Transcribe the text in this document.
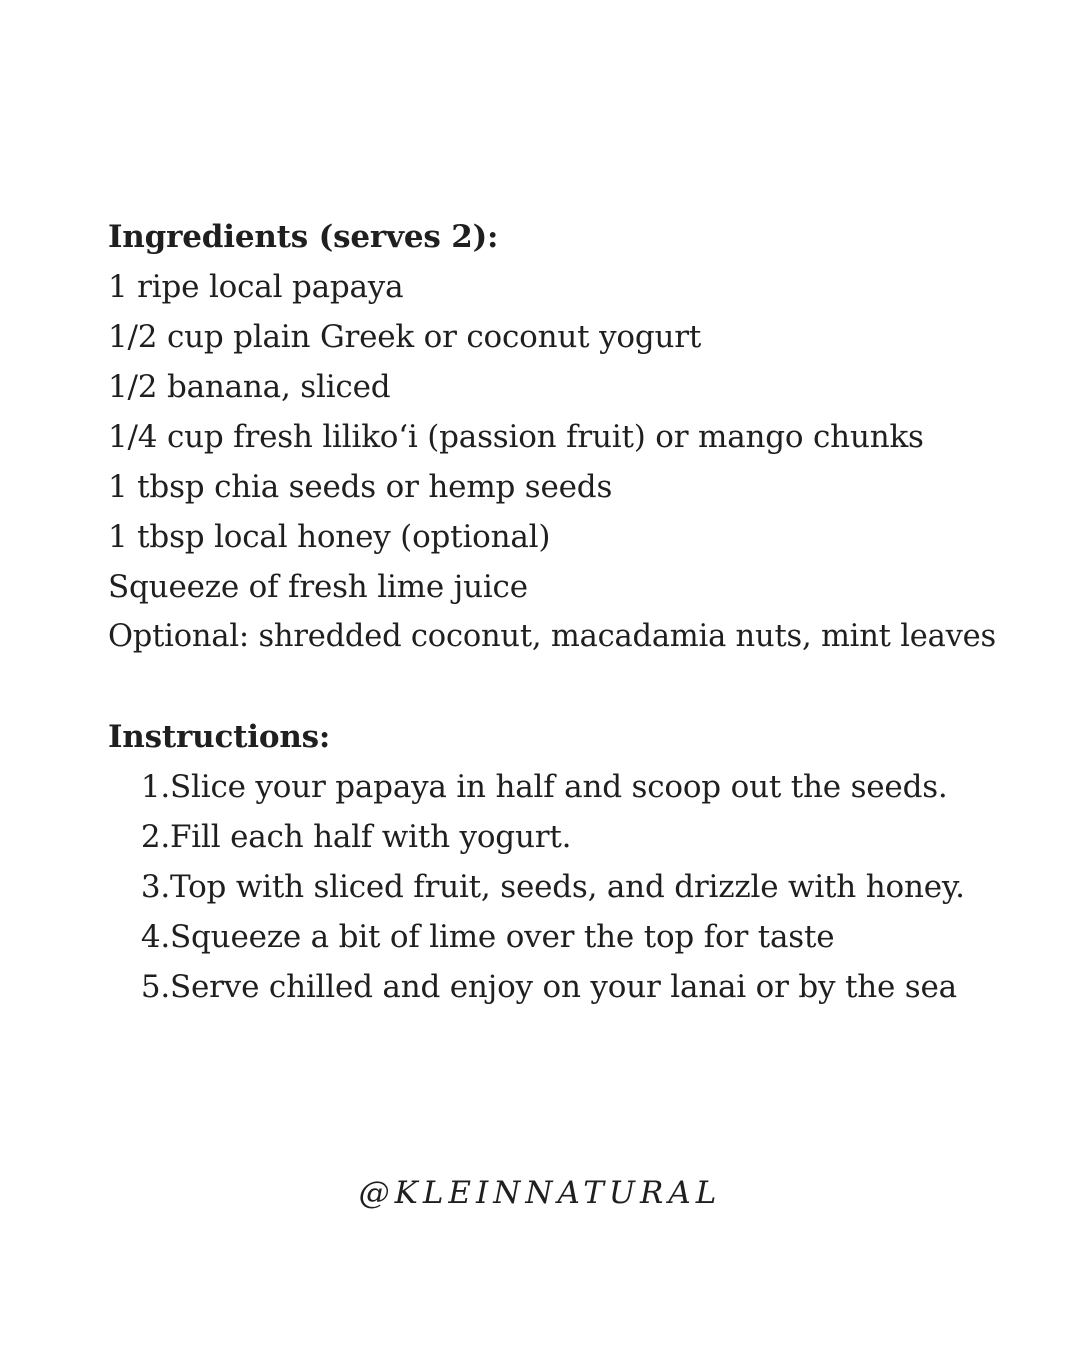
Ingredients (serves 2):

1 ripe local papaya
1/2 cup plain Greek or coconut yogurt
1/2 banana, sliced
1/4 cup fresh liliko‘i (passion fruit) or mango chunks
1 tbsp chia seeds or hemp seeds
1 tbsp local honey (optional)
Squeeze of fresh lime juice
Optional: shredded coconut, macadamia nuts, mint leaves

Instructions:

1. Slice your papaya in half and scoop out the seeds.
2. Fill each half with yogurt.
3. Top with sliced fruit, seeds, and drizzle with honey.
4. Squeeze a bit of lime over the top for taste
5. Serve chilled and enjoy on your lanai or by the sea
@KLEINNATURAL
